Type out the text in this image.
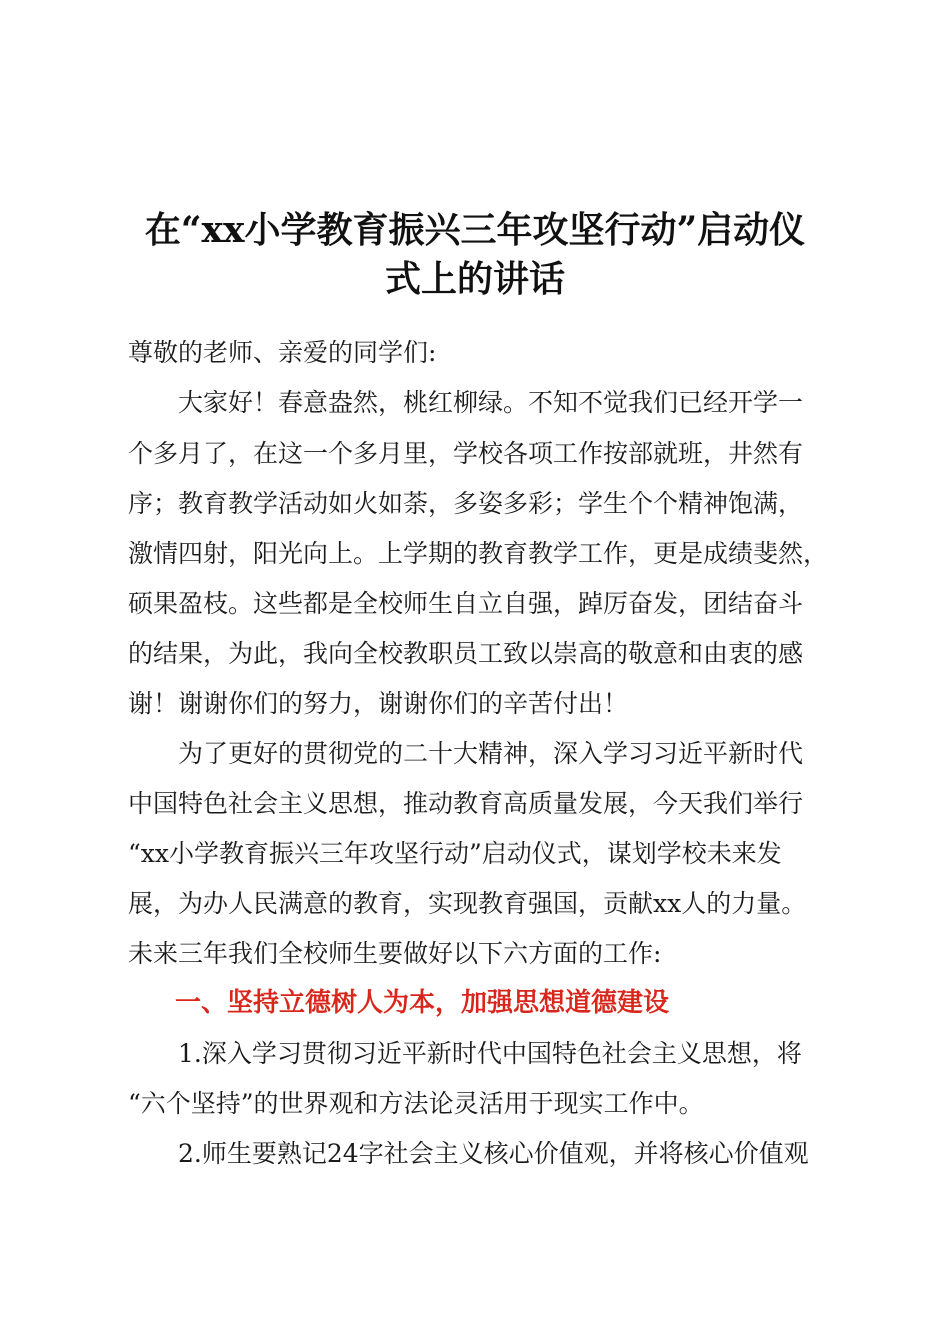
在“xx小学教育振兴三年攻坚行动”启动仪
式上的讲话
尊敬的老师、亲爱的同学们:
大家好！春意盎然，桃红柳绿。不知不觉我们已经开学一
个多月了，在这一个多月里，学校各项工作按部就班，井然有
序；教育教学活动如火如荼，多姿多彩；学生个个精神饱满，
激情四射，阳光向上。上学期的教育教学工作，更是成绩斐然，
硕果盈枝。这些都是全校师生自立自强，踔厉奋发，团结奋斗
的结果，为此，我向全校教职员工致以崇高的敬意和由衷的感
谢！谢谢你们的努力，谢谢你们的辛苦付出！
为了更好的贯彻党的二十大精神，深入学习习近平新时代
中国特色社会主义思想，推动教育高质量发展，今天我们举行
“xx小学教育振兴三年攻坚行动”启动仪式，谋划学校未来发
展，为办人民满意的教育，实现教育强国，贡献xx人的力量。
未来三年我们全校师生要做好以下六方面的工作:
一、坚持立德树人为本，加强思想道德建设
1.深入学习贯彻习近平新时代中国特色社会主义思想，将
“六个坚持”的世界观和方法论灵活用于现实工作中。
2.师生要熟记24字社会主义核心价值观，并将核心价值观
